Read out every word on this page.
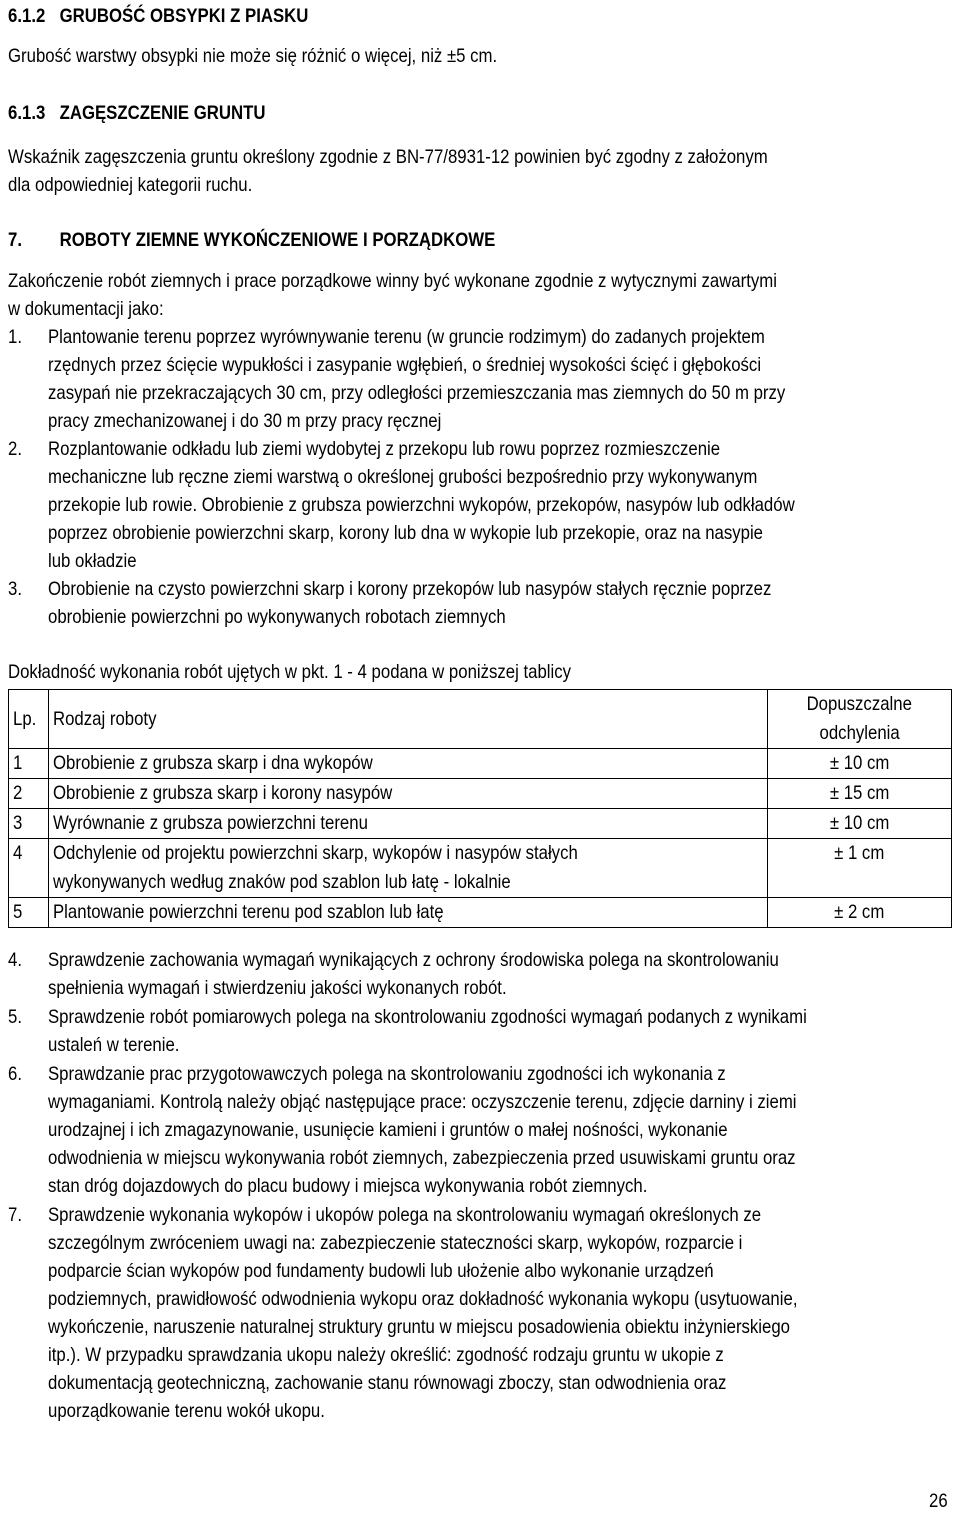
6.1.2 GRUBOŚĆ OBSYPKI Z PIASKU
Grubość warstwy obsypki nie może się różnić o więcej, niż ±5 cm.
6.1.3 ZAGĘSZCZENIE GRUNTU
Wskaźnik zagęszczenia gruntu określony zgodnie z BN-77/8931-12 powinien być zgodny z założonym
dla odpowiedniej kategorii ruchu.
7. ROBOTY ZIEMNE WYKOŃCZENIOWE I PORZĄDKOWE
Zakończenie robót ziemnych i prace porządkowe winny być wykonane zgodnie z wytycznymi zawartymi
w dokumentacji jako:
1. Plantowanie terenu poprzez wyrównywanie terenu (w gruncie rodzimym) do zadanych projektem
rzędnych przez ścięcie wypukłości i zasypanie wgłębień, o średniej wysokości ścięć i głębokości
zasypań nie przekraczających 30 cm, przy odległości przemieszczania mas ziemnych do 50 m przy
pracy zmechanizowanej i do 30 m przy pracy ręcznej
2. Rozplantowanie odkładu lub ziemi wydobytej z przekopu lub rowu poprzez rozmieszczenie
mechaniczne lub ręczne ziemi warstwą o określonej grubości bezpośrednio przy wykonywanym
przekopie lub rowie. Obrobienie z grubsza powierzchni wykopów, przekopów, nasypów lub odkładów
poprzez obrobienie powierzchni skarp, korony lub dna w wykopie lub przekopie, oraz na nasypie
lub okładzie
3. Obrobienie na czysto powierzchni skarp i korony przekopów lub nasypów stałych ręcznie poprzez
obrobienie powierzchni po wykonywanych robotach ziemnych
Dokładność wykonania robót ujętych w pkt. 1 - 4 podana w poniższej tablicy
Lp.	Rodzaj roboty	Dopuszczalne
odchylenia

1	Obrobienie z grubsza skarp i dna wykopów	± 10 cm
2	Obrobienie z grubsza skarp i korony nasypów	± 15 cm
3	Wyrównanie z grubsza powierzchni terenu	± 10 cm
4	Odchylenie od projektu powierzchni skarp, wykopów i nasypów stałych
wykonywanych według znaków pod szablon lub łatę - lokalnie	± 1 cm
5	Plantowanie powierzchni terenu pod szablon lub łatę	± 2 cm
4. Sprawdzenie zachowania wymagań wynikających z ochrony środowiska polega na skontrolowaniu
spełnienia wymagań i stwierdzeniu jakości wykonanych robót.
5. Sprawdzenie robót pomiarowych polega na skontrolowaniu zgodności wymagań podanych z wynikami
ustaleń w terenie.
6. Sprawdzanie prac przygotowawczych polega na skontrolowaniu zgodności ich wykonania z
wymaganiami. Kontrolą należy objąć następujące prace: oczyszczenie terenu, zdjęcie darniny i ziemi
urodzajnej i ich zmagazynowanie, usunięcie kamieni i gruntów o małej nośności, wykonanie
odwodnienia w miejscu wykonywania robót ziemnych, zabezpieczenia przed usuwiskami gruntu oraz
stan dróg dojazdowych do placu budowy i miejsca wykonywania robót ziemnych.
7. Sprawdzenie wykonania wykopów i ukopów polega na skontrolowaniu wymagań określonych ze
szczególnym zwróceniem uwagi na: zabezpieczenie stateczności skarp, wykopów, rozparcie i
podparcie ścian wykopów pod fundamenty budowli lub ułożenie albo wykonanie urządzeń
podziemnych, prawidłowość odwodnienia wykopu oraz dokładność wykonania wykopu (usytuowanie,
wykończenie, naruszenie naturalnej struktury gruntu w miejscu posadowienia obiektu inżynierskiego
itp.). W przypadku sprawdzania ukopu należy określić: zgodność rodzaju gruntu w ukopie z
dokumentacją geotechniczną, zachowanie stanu równowagi zboczy, stan odwodnienia oraz
uporządkowanie terenu wokół ukopu.
26
